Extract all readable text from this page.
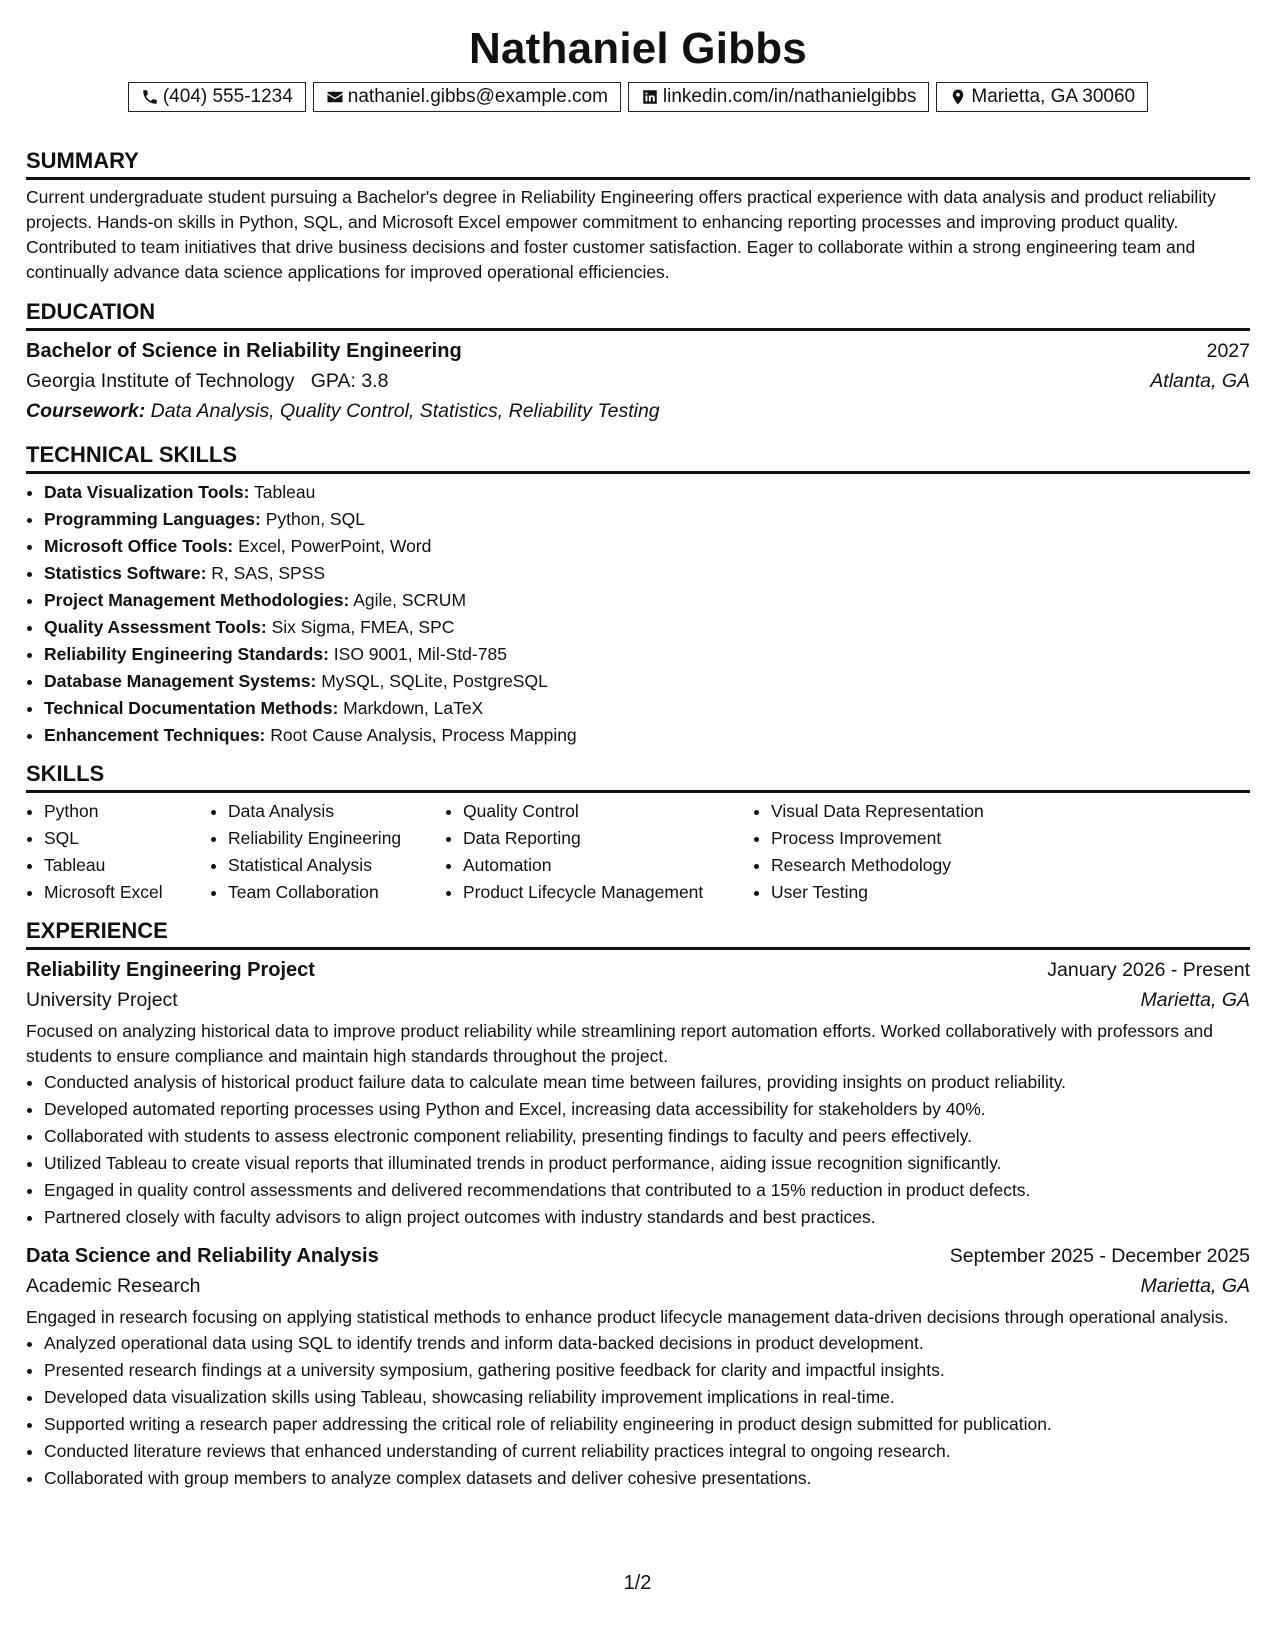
Nathaniel Gibbs
(404) 555-1234	nathaniel.gibbs@example.com	linkedin.com/in/nathanielgibbs	Marietta, GA 30060
SUMMARY

Current undergraduate student pursuing a Bachelor's degree in Reliability Engineering offers practical experience with data analysis and product reliability projects. Hands-on skills in Python, SQL, and Microsoft Excel empower commitment to enhancing reporting processes and improving product quality. Contributed to team initiatives that drive business decisions and foster customer satisfaction. Eager to collaborate within a strong engineering team and continually advance data science applications for improved operational efficiencies.

EDUCATION
Bachelor of Science in Reliability Engineering	2027
Georgia Institute of Technology GPA: 3.8	Atlanta, GA
Coursework: Data Analysis, Quality Control, Statistics, Reliability Testing
TECHNICAL SKILLS
• Data Visualization Tools: Tableau
• Programming Languages: Python, SQL
• Microsoft Office Tools: Excel, PowerPoint, Word
• Statistics Software: R, SAS, SPSS
• Project Management Methodologies: Agile, SCRUM
• Quality Assessment Tools: Six Sigma, FMEA, SPC
• Reliability Engineering Standards: ISO 9001, Mil-Std-785
• Database Management Systems: MySQL, SQLite, PostgreSQL
• Technical Documentation Methods: Markdown, LaTeX
• Enhancement Techniques: Root Cause Analysis, Process Mapping
SKILLS
• Python
• SQL
• Tableau
• Microsoft Excel
• Data Analysis
• Reliability Engineering
• Statistical Analysis
• Team Collaboration
• Quality Control
• Data Reporting
• Automation
• Product Lifecycle Management
• Visual Data Representation
• Process Improvement
• Research Methodology
• User Testing
EXPERIENCE
Reliability Engineering Project	January 2026 - Present
University Project	Marietta, GA

Focused on analyzing historical data to improve product reliability while streamlining report automation efforts. Worked collaboratively with professors and students to ensure compliance and maintain high standards throughout the project.

• Conducted analysis of historical product failure data to calculate mean time between failures, providing insights on product reliability.
• Developed automated reporting processes using Python and Excel, increasing data accessibility for stakeholders by 40%.
• Collaborated with students to assess electronic component reliability, presenting findings to faculty and peers effectively.
• Utilized Tableau to create visual reports that illuminated trends in product performance, aiding issue recognition significantly.
• Engaged in quality control assessments and delivered recommendations that contributed to a 15% reduction in product defects.
• Partnered closely with faculty advisors to align project outcomes with industry standards and best practices.
Data Science and Reliability Analysis	September 2025 - December 2025
Academic Research	Marietta, GA

Engaged in research focusing on applying statistical methods to enhance product lifecycle management data-driven decisions through operational analysis.

• Analyzed operational data using SQL to identify trends and inform data-backed decisions in product development.
• Presented research findings at a university symposium, gathering positive feedback for clarity and impactful insights.
• Developed data visualization skills using Tableau, showcasing reliability improvement implications in real-time.
• Supported writing a research paper addressing the critical role of reliability engineering in product design submitted for publication.
• Conducted literature reviews that enhanced understanding of current reliability practices integral to ongoing research.
• Collaborated with group members to analyze complex datasets and deliver cohesive presentations.
1/2
